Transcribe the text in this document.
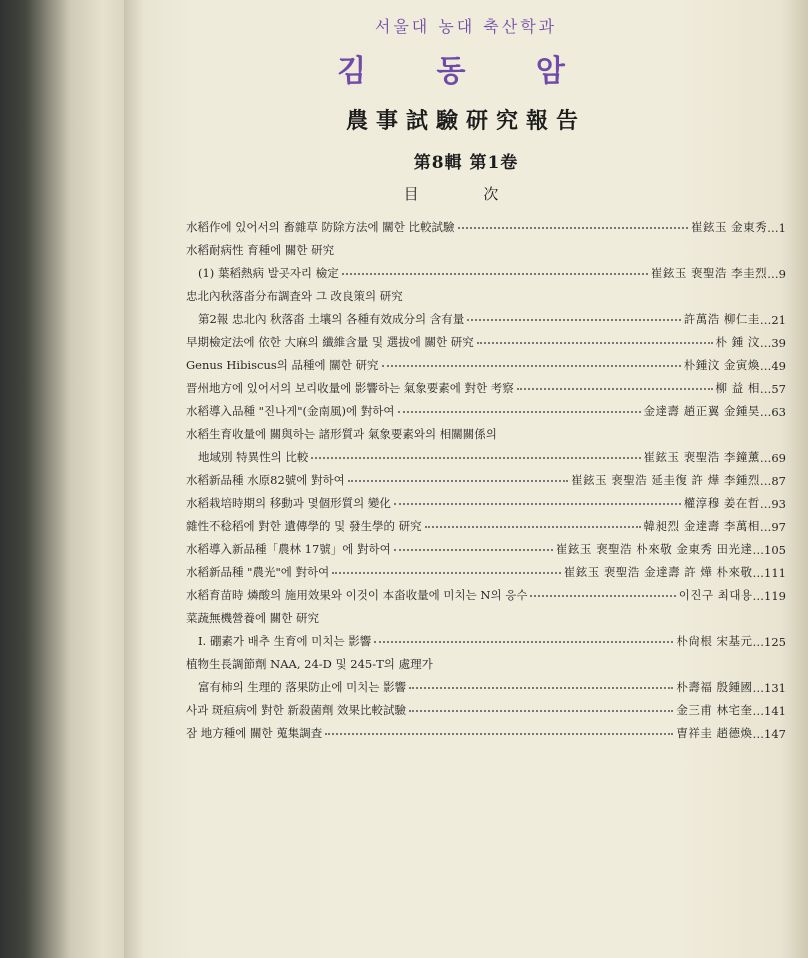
서울대 농대 축산학과
김 동 암
農事試驗研究報告
第8輯 第1卷
目 次
水稻作에 있어서의 畜雜草 防除方法에 關한 比較試驗	崔鉉玉 金東秀 … 1
水稻耐病性 育種에 關한 研究
(1) 葉稻熱病 발곳자리 檢定	崔鉉玉 裵聖浩 李圭烈 … 9
忠北內秋落畓分布調査와 그 改良策의 研究
第2報 忠北內 秋落畓 土壤의 各種有效成分의 含有量	許萬浩 柳仁圭 … 21
早期檢定法에 依한 大麻의 纖維含量 및 選拔에 關한 研究	朴 鍾 汶 … 39
Genus Hibiscus의 品種에 關한 研究	朴鍾汶 金寅煥 … 49
晋州地方에 있어서의 보리收量에 影響하는 氣象要素에 對한 考察	柳 益 相 … 57
水稻導入品種 "진나게"(金南風)에 對하여	金達壽 趙正翼 金鍾昊 … 63
水稻生育收量에 關與하는 諸形質과 氣象要素와의 相關關係의
地域別 特異性의 比較	崔鉉玉 裵聖浩 李鐘薰 … 69
水稻新品種 水原82號에 對하여	崔鉉玉 裵聖浩 延圭復 許 燁 李鍾烈 … 87
水稻栽培時期의 移動과 몇個形質의 變化	權淳穆 姜在哲 … 93
雜性不稔稻에 對한 遺傳學的 및 發生學的 研究	韓昶烈 金達壽 李萬相 … 97
水稻導入新品種「農林 17號」에 對하여	崔鉉玉 裵聖浩 朴來敬 金東秀 田光達 … 105
水稻新品種 "農光"에 對하여	崔鉉玉 裵聖浩 金達壽 許 燁 朴來敬 … 111
水稻育苗時 燐酸의 施用效果와 이것이 本畓收量에 미치는 N의 응수	이진구 최대용 … 119
菜蔬無機營養에 關한 研究
I. 硼素가 배추 生育에 미치는 影響	朴尙根 宋基元 … 125
植物生長調節劑 NAA, 24-D 및 245-T의 處理가
富有柿의 生理的 落果防止에 미치는 影響	朴壽福 殷鍾國 … 131
사과 斑疸病에 對한 新殺菌劑 效果比較試驗	金三甫 林宅奎 … 141
잠 地方種에 關한 蒐集調査	曺祥圭 趙德煥 … 147
